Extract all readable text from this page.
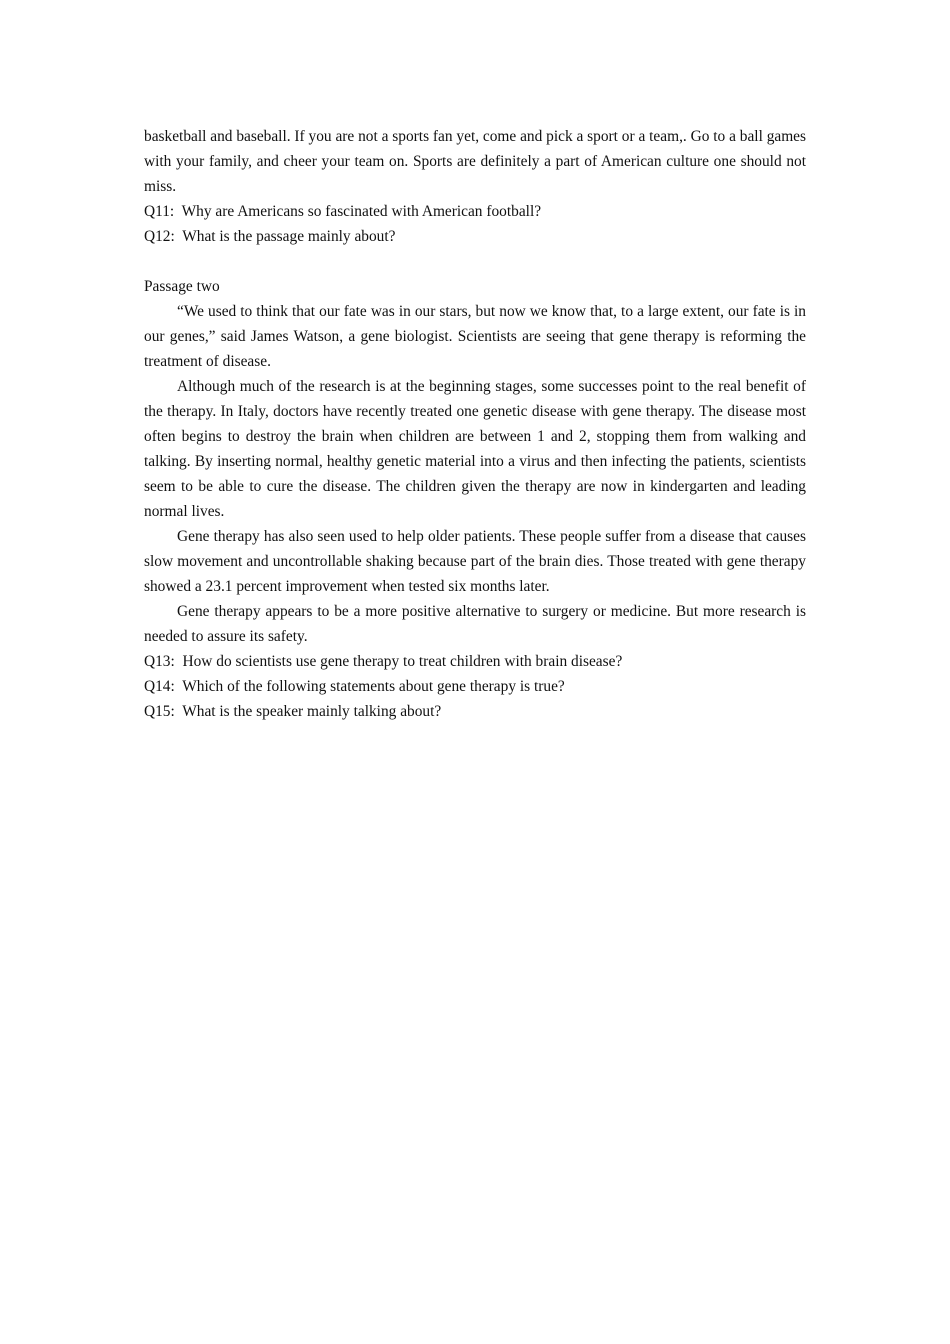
basketball and baseball. If you are not a sports fan yet, come and pick a sport or a team,. Go to a ball games with your family, and cheer your team on. Sports are definitely a part of American culture one should not miss.

Q11: Why are Americans so fascinated with American football?

Q12: What is the passage mainly about?

Passage two

“We used to think that our fate was in our stars, but now we know that, to a large extent, our fate is in our genes,” said James Watson, a gene biologist. Scientists are seeing that gene therapy is reforming the treatment of disease.

Although much of the research is at the beginning stages, some successes point to the real benefit of the therapy. In Italy, doctors have recently treated one genetic disease with gene therapy. The disease most often begins to destroy the brain when children are between 1 and 2, stopping them from walking and talking. By inserting normal, healthy genetic material into a virus and then infecting the patients, scientists seem to be able to cure the disease. The children given the therapy are now in kindergarten and leading normal lives.

Gene therapy has also seen used to help older patients. These people suffer from a disease that causes slow movement and uncontrollable shaking because part of the brain dies. Those treated with gene therapy showed a 23.1 percent improvement when tested six months later.

Gene therapy appears to be a more positive alternative to surgery or medicine. But more research is needed to assure its safety.

Q13: How do scientists use gene therapy to treat children with brain disease?

Q14: Which of the following statements about gene therapy is true?

Q15: What is the speaker mainly talking about?
